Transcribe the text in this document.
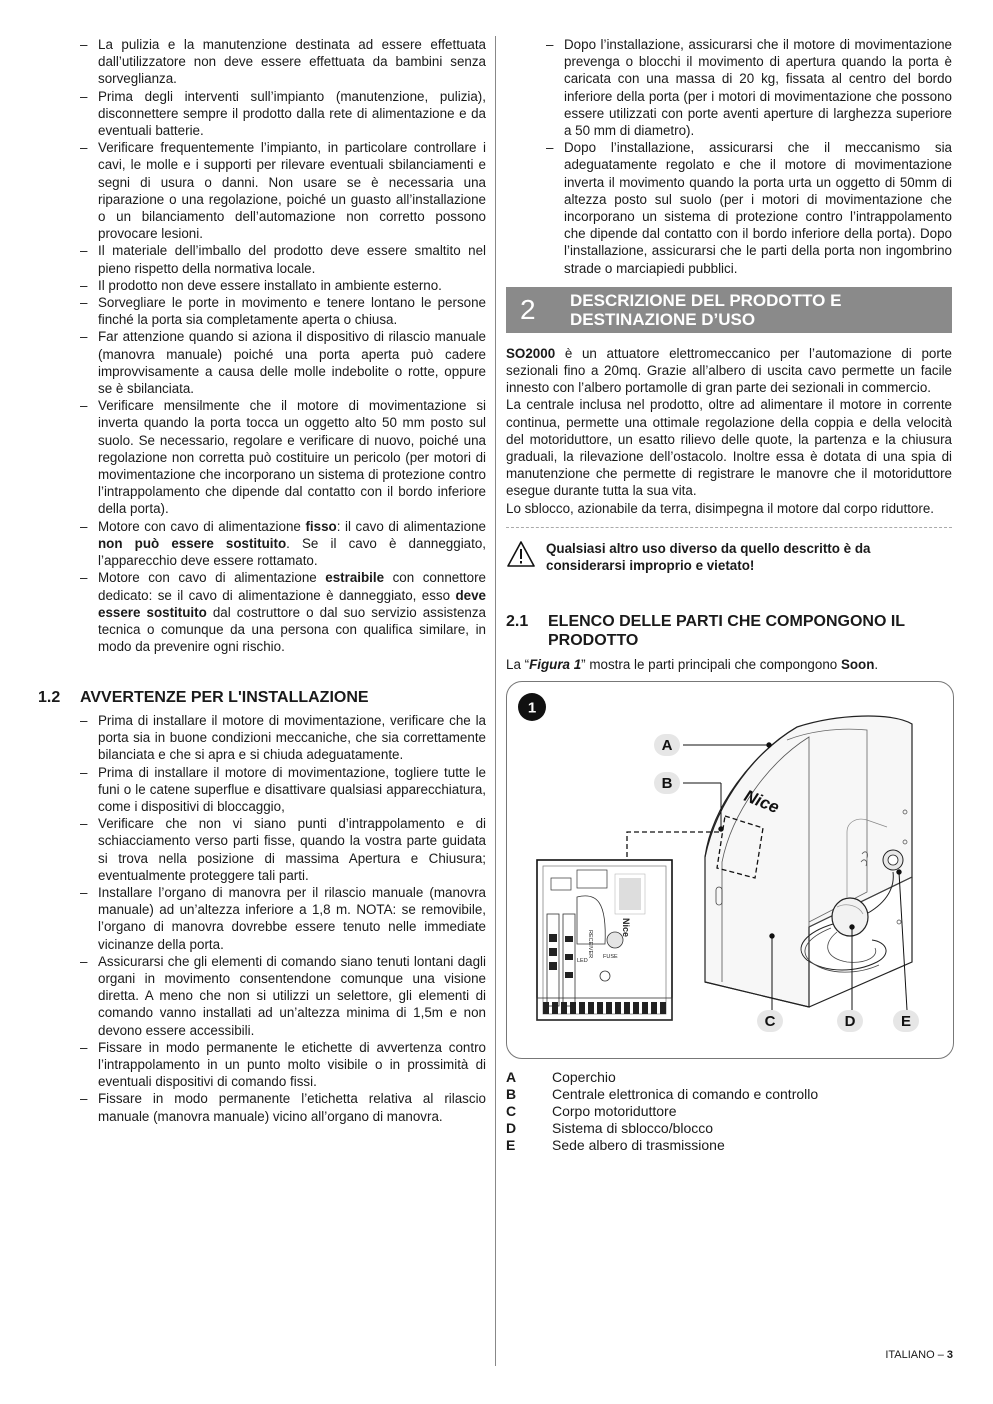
– La pulizia e la manutenzione destinata ad essere effettuata dall’utilizzatore non deve essere effettuata da bambini senza sorveglianza.
– Prima degli interventi sull’impianto (manutenzione, pulizia), disconnettere sempre il prodotto dalla rete di alimentazione e da eventuali batterie.
– Verificare frequentemente l’impianto, in particolare controllare i cavi, le molle e i supporti per rilevare eventuali sbilanciamenti e segni di usura o danni. Non usare se è necessaria una riparazione o una regolazione, poiché un guasto all’installazione o un bilanciamento dell’automazione non corretto possono provocare lesioni.
– Il materiale dell’imballo del prodotto deve essere smaltito nel pieno rispetto della normativa locale.
– Il prodotto non deve essere installato in ambiente esterno.
– Sorvegliare le porte in movimento e tenere lontano le persone finché la porta sia completamente aperta o chiusa.
– Far attenzione quando si aziona il dispositivo di rilascio manuale (manovra manuale) poiché una porta aperta può cadere improvvisamente a causa delle molle indebolite o rotte, oppure se è sbilanciata.
– Verificare mensilmente che il motore di movimentazione si inverta quando la porta tocca un oggetto alto 50 mm posto sul suolo. Se necessario, regolare e verificare di nuovo, poiché una regolazione non corretta può costituire un pericolo (per motori di movimentazione che incorporano un sistema di protezione contro l’intrappolamento che dipende dal contatto con il bordo inferiore della porta).
– Motore con cavo di alimentazione fisso: il cavo di alimentazione non può essere sostituito. Se il cavo è danneggiato, l’apparecchio deve essere rottamato.
– Motore con cavo di alimentazione estraibile con connettore dedicato: se il cavo di alimentazione è danneggiato, esso deve essere sostituito dal costruttore o dal suo servizio assistenza tecnica o comunque da una persona con qualifica similare, in modo da prevenire ogni rischio.

1.2 AVVERTENZE PER L'INSTALLAZIONE

– Prima di installare il motore di movimentazione, verificare che la porta sia in buone condizioni meccaniche, che sia correttamente bilanciata e che si apra e si chiuda adeguatamente.
– Prima di installare il motore di movimentazione, togliere tutte le funi o le catene superflue e disattivare qualsiasi apparecchiatura, come i dispositivi di bloccaggio,
– Verificare che non vi siano punti d’intrappolamento e di schiacciamento verso parti fisse, quando la vostra parte guidata si trova nella posizione di massima Apertura e Chiusura; eventualmente proteggere tali parti.
– Installare l’organo di manovra per il rilascio manuale (manovra manuale) ad un’altezza inferiore a 1,8 m. NOTA: se removibile, l’organo di manovra dovrebbe essere tenuto nelle immediate vicinanze della porta.
– Assicurarsi che gli elementi di comando siano tenuti lontani dagli organi in movimento consentendone comunque una visione diretta. A meno che non si utilizzi un selettore, gli elementi di comando vanno installati ad un’altezza minima di 1,5m e non devono essere accessibili.
– Fissare in modo permanente le etichette di avvertenza contro l’intrappolamento in un punto molto visibile o in prossimità di eventuali dispositivi di comando fissi.
– Fissare in modo permanente l’etichetta relativa al rilascio manuale (manovra manuale) vicino all’organo di manovra.
– Dopo l’installazione, assicurarsi che il motore di movimentazione prevenga o blocchi il movimento di apertura quando la porta è caricata con una massa di 20 kg, fissata al centro del bordo inferiore della porta (per i motori di movimentazione che possono essere utilizzati con porte aventi aperture di larghezza superiore a 50 mm di diametro).
– Dopo l’installazione, assicurarsi che il meccanismo sia adeguatamente regolato e che il motore di movimentazione inverta il movimento quando la porta urta un oggetto di 50mm di altezza posto sul suolo (per i motori di movimentazione che incorporano un sistema di protezione contro l’intrappolamento che dipende dal contatto con il bordo inferiore della porta). Dopo l’installazione, assicurarsi che le parti della porta non ingombrino strade o marciapiedi pubblici.
2 DESCRIZIONE DEL PRODOTTO E
DESTINAZIONE D’USO

SO2000 è un attuatore elettromeccanico per l’automazione di porte sezionali fino a 20mq. Grazie all’albero di uscita cavo permette un facile innesto con l’albero portamolle di gran parte dei sezionali in commercio.

La centrale inclusa nel prodotto, oltre ad alimentare il motore in corrente continua, permette una ottimale regolazione della coppia e della velocità del motoriduttore, un esatto rilievo delle quote, la partenza e la chiusura graduali, la rilevazione dell’ostacolo. Inoltre essa è dotata di una spia di manutenzione che permette di registrare le manovre che il motoriduttore esegue durante tutta la sua vita.

Lo sblocco, azionabile da terra, disimpegna il motore dal corpo riduttore.

Qualsiasi altro uso diverso da quello descritto è da considerarsi improprio e vietato!
2.1 ELENCO DELLE PARTI CHE COMPONGONO IL PRODOTTO

La “Figura 1” mostra le parti principali che compongono Soon.

1
Nice
RECEIVER FUSE
LED
Nice
A
B
C	D	E
A	Coperchio
B	Centrale elettronica di comando e controllo
C	Corpo motoriduttore
D	Sistema di sblocco/blocco
E	Sede albero di trasmissione
ITALIANO – 3
